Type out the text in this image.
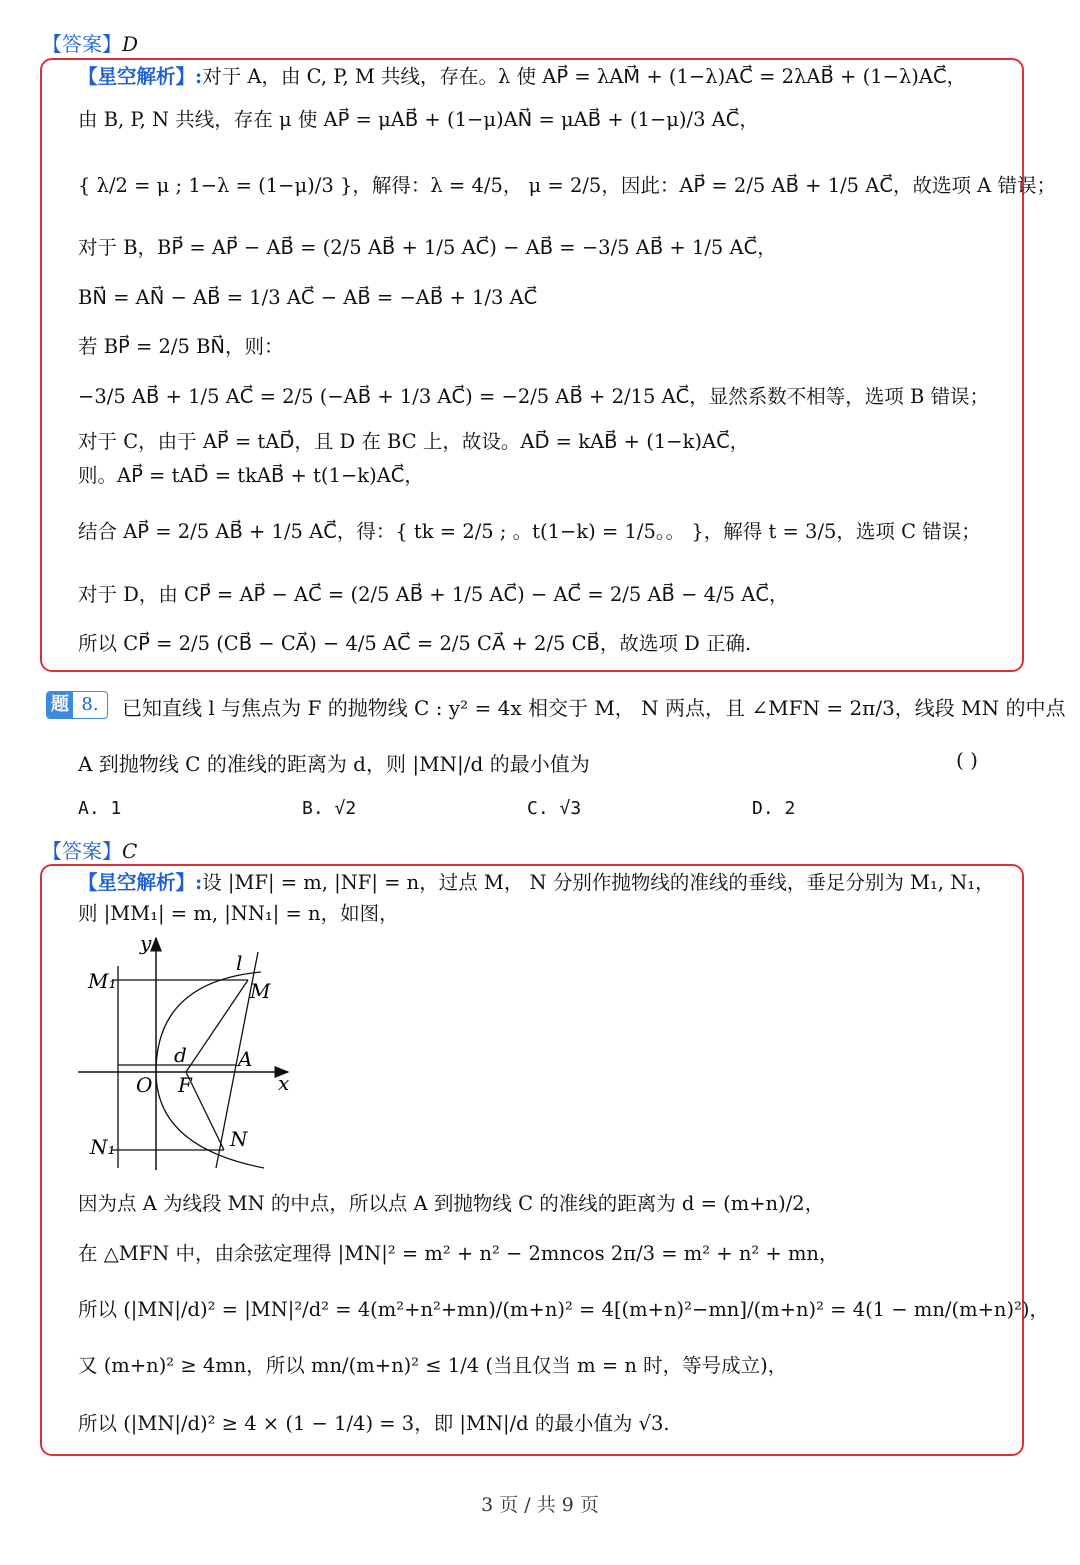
【答案】D
【星空解析】:对于 A，由 C, P, M 共线，存在。λ 使 AP⃗ = λAM⃗ + (1−λ)AC⃗ = 2λAB⃗ + (1−λ)AC⃗，
由 B, P, N 共线，存在 μ 使 AP⃗ = μAB⃗ + (1−μ)AN⃗ = μAB⃗ + (1−μ)/3 AC⃗，
{ λ/2 = μ ; 1−λ = (1−μ)/3 }，解得：λ = 4/5， μ = 2/5，因此：AP⃗ = 2/5 AB⃗ + 1/5 AC⃗，故选项 A 错误；
对于 B，BP⃗ = AP⃗ − AB⃗ = (2/5 AB⃗ + 1/5 AC⃗) − AB⃗ = −3/5 AB⃗ + 1/5 AC⃗，
BN⃗ = AN⃗ − AB⃗ = 1/3 AC⃗ − AB⃗ = −AB⃗ + 1/3 AC⃗
若 BP⃗ = 2/5 BN⃗，则：
−3/5 AB⃗ + 1/5 AC⃗ = 2/5 (−AB⃗ + 1/3 AC⃗) = −2/5 AB⃗ + 2/15 AC⃗，显然系数不相等，选项 B 错误；
对于 C，由于 AP⃗ = tAD⃗，且 D 在 BC 上，故设。AD⃗ = kAB⃗ + (1−k)AC⃗，
则。AP⃗ = tAD⃗ = tkAB⃗ + t(1−k)AC⃗，
结合 AP⃗ = 2/5 AB⃗ + 1/5 AC⃗，得：{ tk = 2/5 ; 。t(1−k) = 1/5。。 }，解得 t = 3/5，选项 C 错误；
对于 D，由 CP⃗ = AP⃗ − AC⃗ = (2/5 AB⃗ + 1/5 AC⃗) − AC⃗ = 2/5 AB⃗ − 4/5 AC⃗，
所以 CP⃗ = 2/5 (CB⃗ − CA⃗) − 4/5 AC⃗ = 2/5 CA⃗ + 2/5 CB⃗，故选项 D 正确.
题 8.	已知直线 l 与焦点为 F 的抛物线 C : y² = 4x 相交于 M， N 两点，且 ∠MFN = 2π/3，线段 MN 的中点
A 到抛物线 C 的准线的距离为 d，则 |MN|/d 的最小值为	( )
A. 1	B. √2	C. √3	D. 2
【答案】C
【星空解析】:设 |MF| = m, |NF| = n，过点 M， N 分别作抛物线的准线的垂线，垂足分别为 M₁, N₁，
则 |MM₁| = m, |NN₁| = n，如图，
y
l
M₁	M
d	A
O F	x
N₁	N
因为点 A 为线段 MN 的中点，所以点 A 到抛物线 C 的准线的距离为 d = (m+n)/2，
在 △MFN 中，由余弦定理得 |MN|² = m² + n² − 2mncos 2π/3 = m² + n² + mn，
所以 (|MN|/d)² = |MN|²/d² = 4(m²+n²+mn)/(m+n)² = 4[(m+n)²−mn]/(m+n)² = 4(1 − mn/(m+n)²)，
又 (m+n)² ≥ 4mn，所以 mn/(m+n)² ≤ 1/4 (当且仅当 m = n 时，等号成立)，
所以 (|MN|/d)² ≥ 4 × (1 − 1/4) = 3，即 |MN|/d 的最小值为 √3.
3 页 / 共 9 页
